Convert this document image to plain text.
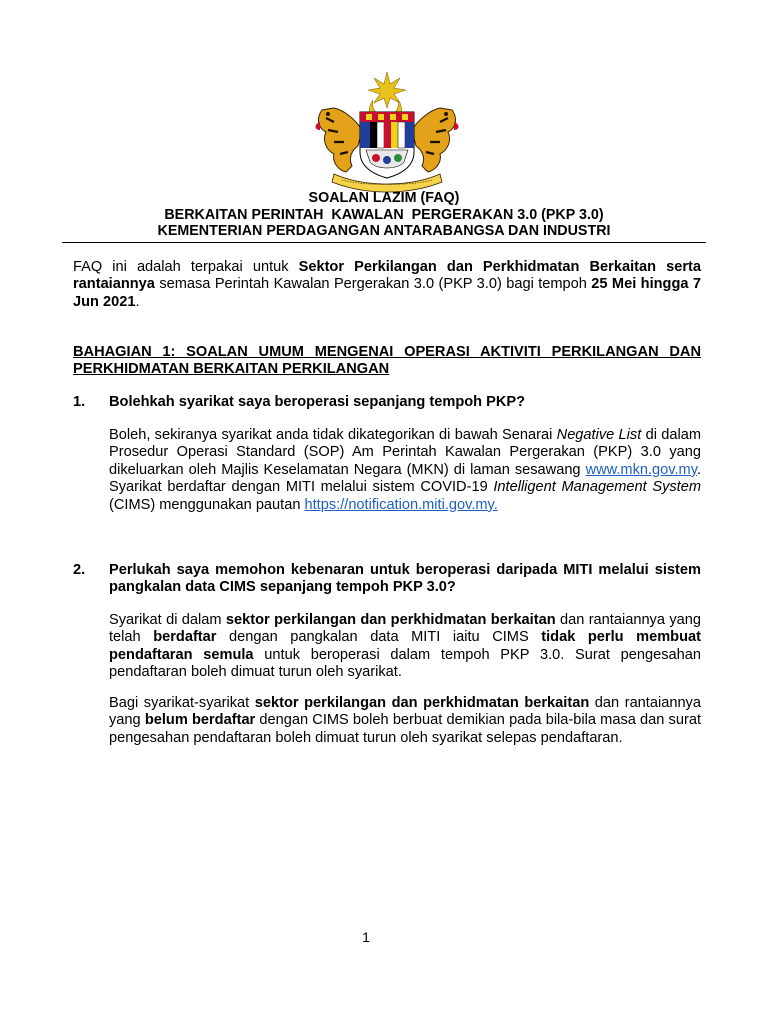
SOALAN LAZIM (FAQ)
BERKAITAN PERINTAH  KAWALAN  PERGERAKAN 3.0 (PKP 3.0)
KEMENTERIAN PERDAGANGAN ANTARABANGSA DAN INDUSTRI
FAQ ini adalah terpakai untuk Sektor Perkilangan dan Perkhidmatan Berkaitan serta rantaiannya semasa Perintah Kawalan Pergerakan 3.0 (PKP 3.0) bagi tempoh 25 Mei hingga 7 Jun 2021.
BAHAGIAN 1: SOALAN UMUM MENGENAI OPERASI AKTIVITI PERKILANGAN DAN PERKHIDMATAN BERKAITAN PERKILANGAN
1. Bolehkah syarikat saya beroperasi sepanjang tempoh PKP?
Boleh, sekiranya syarikat anda tidak dikategorikan di bawah Senarai Negative List di dalam Prosedur Operasi Standard (SOP) Am Perintah Kawalan Pergerakan (PKP) 3.0 yang dikeluarkan oleh Majlis Keselamatan Negara (MKN) di laman sesawang www.mkn.gov.my. Syarikat berdaftar dengan MITI melalui sistem COVID-19 Intelligent Management System (CIMS) menggunakan pautan https://notification.miti.gov.my.
2. Perlukah saya memohon kebenaran untuk beroperasi daripada MITI melalui sistem pangkalan data CIMS sepanjang tempoh PKP 3.0?
Syarikat di dalam sektor perkilangan dan perkhidmatan berkaitan dan rantaiannya yang telah berdaftar dengan pangkalan data MITI iaitu CIMS tidak perlu membuat pendaftaran semula untuk beroperasi dalam tempoh PKP 3.0. Surat pengesahan pendaftaran boleh dimuat turun oleh syarikat.
Bagi syarikat-syarikat sektor perkilangan dan perkhidmatan berkaitan dan rantaiannya yang belum berdaftar dengan CIMS boleh berbuat demikian pada bila-bila masa dan surat pengesahan pendaftaran boleh dimuat turun oleh syarikat selepas pendaftaran.
1
